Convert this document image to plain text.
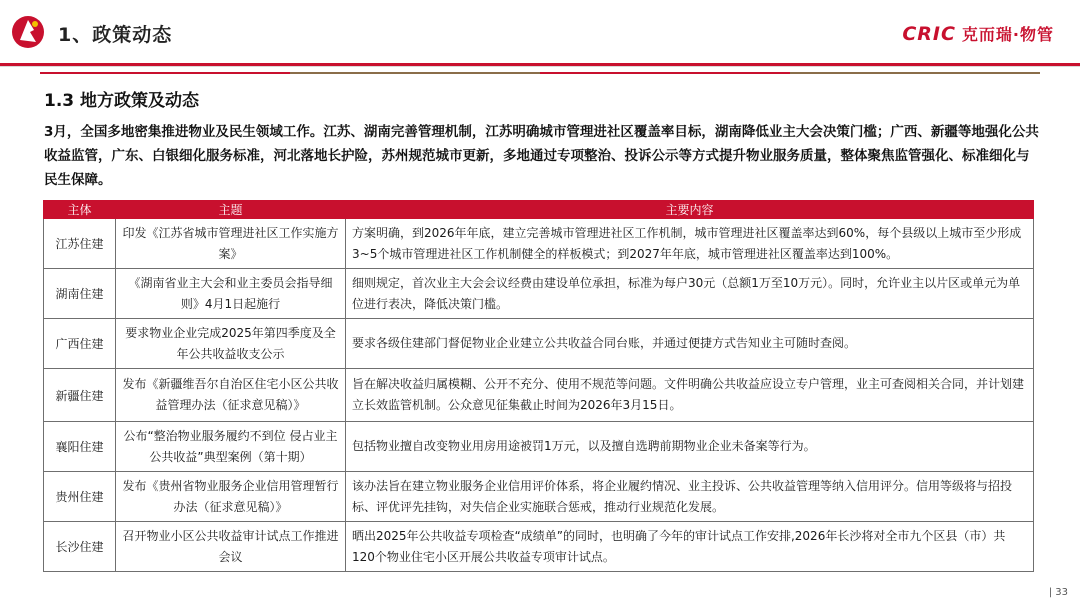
1、政策动态	CRIC 克而瑞·物管
1.3 地方政策及动态
3月，全国多地密集推进物业及民生领域工作。江苏、湖南完善管理机制，江苏明确城市管理进社区覆盖率目标，湖南降低业主大会决策门槛；广西、新疆等地强化公共收益监管，广东、白银细化服务标准，河北落地长护险，苏州规范城市更新，多地通过专项整治、投诉公示等方式提升物业服务质量，整体聚焦监管强化、标准细化与民生保障。
主体	主题	主要内容
江苏住建	印发《江苏省城市管理进社区工作实施方案》	方案明确，到2026年年底，建立完善城市管理进社区工作机制，城市管理进社区覆盖率达到60%，每个县级以上城市至少形成3~5个城市管理进社区工作机制健全的样板模式；到2027年年底，城市管理进社区覆盖率达到100%。
湖南住建	《湖南省业主大会和业主委员会指导细则》4月1日起施行	细则规定，首次业主大会会议经费由建设单位承担，标准为每户30元（总额1万至10万元）。同时，允许业主以片区或单元为单位进行表决，降低决策门槛。
广西住建	要求物业企业完成2025年第四季度及全年公共收益收支公示	要求各级住建部门督促物业企业建立公共收益合同台账，并通过便捷方式告知业主可随时查阅。
新疆住建	发布《新疆维吾尔自治区住宅小区公共收益管理办法（征求意见稿）》	旨在解决收益归属模糊、公开不充分、使用不规范等问题。文件明确公共收益应设立专户管理，业主可查阅相关合同，并计划建立长效监管机制。公众意见征集截止时间为2026年3月15日。
襄阳住建	公布“整治物业服务履约不到位 侵占业主公共收益”典型案例（第十期）	包括物业擅自改变物业用房用途被罚1万元，以及擅自选聘前期物业企业未备案等行为。
贵州住建	发布《贵州省物业服务企业信用管理暂行办法（征求意见稿）》	该办法旨在建立物业服务企业信用评价体系，将企业履约情况、业主投诉、公共收益管理等纳入信用评分。信用等级将与招投标、评优评先挂钩，对失信企业实施联合惩戒，推动行业规范化发展。
长沙住建	召开物业小区公共收益审计试点工作推进会议	晒出2025年公共收益专项检查“成绩单”的同时，也明确了今年的审计试点工作安排,2026年长沙将对全市九个区县（市）共120个物业住宅小区开展公共收益专项审计试点。
| 33
